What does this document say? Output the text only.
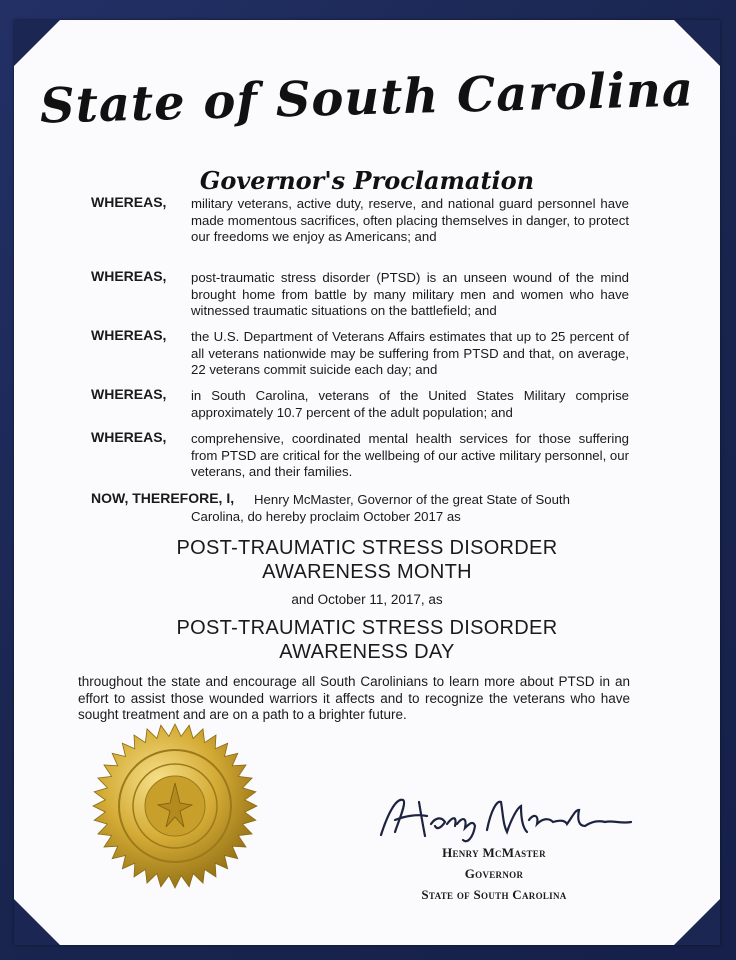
State of South Carolina
Governor's Proclamation
WHEREAS, military veterans, active duty, reserve, and national guard personnel have made momentous sacrifices, often placing themselves in danger, to protect our freedoms we enjoy as Americans; and
WHEREAS, post-traumatic stress disorder (PTSD) is an unseen wound of the mind brought home from battle by many military men and women who have witnessed traumatic situations on the battlefield; and
WHEREAS, the U.S. Department of Veterans Affairs estimates that up to 25 percent of all veterans nationwide may be suffering from PTSD and that, on average, 22 veterans commit suicide each day; and
WHEREAS, in South Carolina, veterans of the United States Military comprise approximately 10.7 percent of the adult population; and
WHEREAS, comprehensive, coordinated mental health services for those suffering from PTSD are critical for the wellbeing of our active military personnel, our veterans, and their families.
NOW, THEREFORE, I, Henry McMaster, Governor of the great State of South
Carolina, do hereby proclaim October 2017 as
POST-TRAUMATIC STRESS DISORDER
AWARENESS MONTH
and October 11, 2017, as
POST-TRAUMATIC STRESS DISORDER
AWARENESS DAY
throughout the state and encourage all South Carolinians to learn more about PTSD in an effort to assist those wounded warriors it affects and to recognize the veterans who have sought treatment and are on a path to a brighter future.
Henry McMaster
Governor
State of South Carolina
